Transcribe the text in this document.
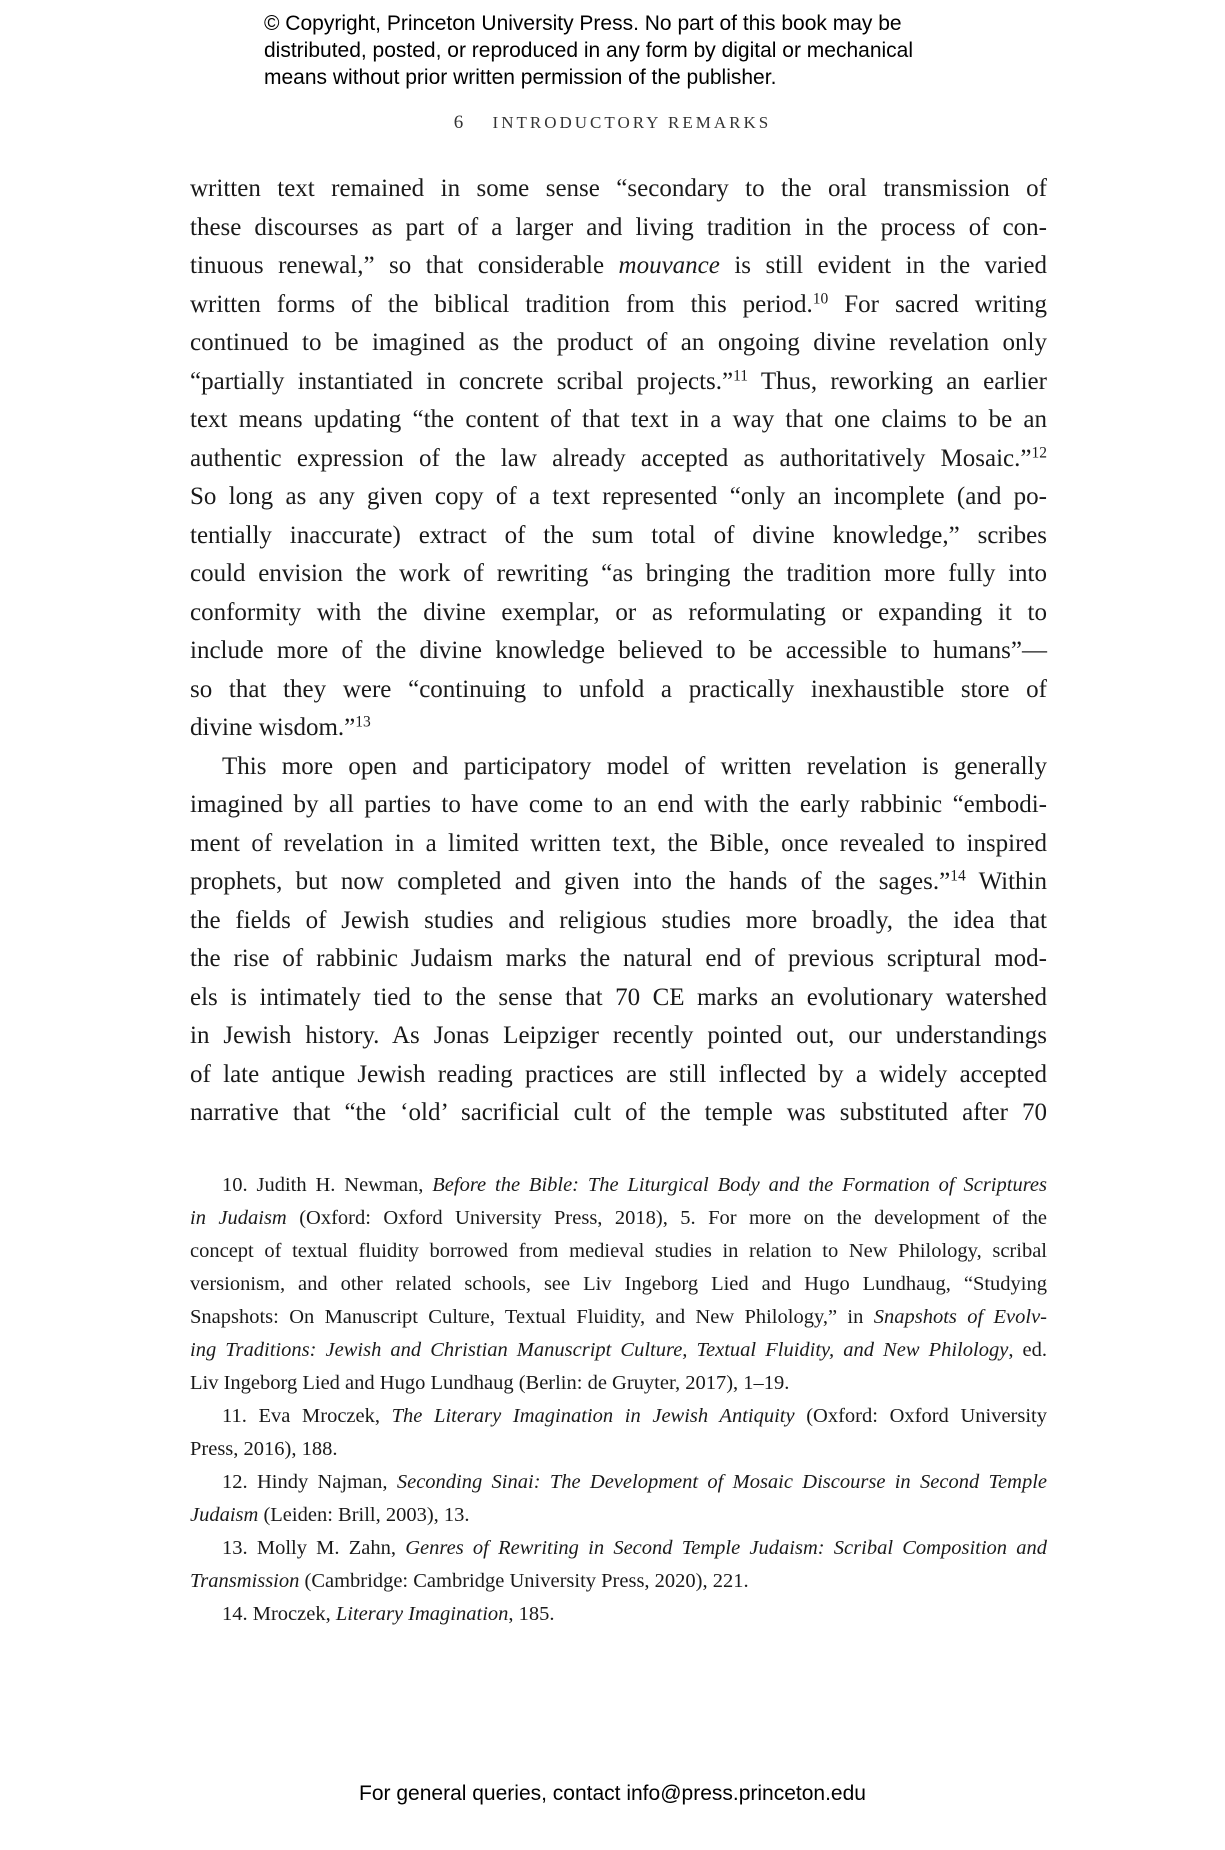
© Copyright, Princeton University Press. No part of this book may be
distributed, posted, or reproduced in any form by digital or mechanical
means without prior written permission of the publisher.
6 INTRODUCTORY REMARKS
written text remained in some sense “secondary to the oral transmission of
these discourses as part of a larger and living tradition in the process of con-
tinuous renewal,” so that considerable mouvance is still evident in the varied
written forms of the biblical tradition from this period.$^{10}$ For sacred writing
continued to be imagined as the product of an ongoing divine revelation only
“partially instantiated in concrete scribal projects.”$^{11}$ Thus, reworking an earlier
text means updating “the content of that text in a way that one claims to be an
authentic expression of the law already accepted as authoritatively Mosaic.”$^{12}$
So long as any given copy of a text represented “only an incomplete (and po-
tentially inaccurate) extract of the sum total of divine knowledge,” scribes
could envision the work of rewriting “as bringing the tradition more fully into
conformity with the divine exemplar, or as reformulating or expanding it to
include more of the divine knowledge believed to be accessible to humans”—
so that they were “continuing to unfold a practically inexhaustible store of
divine wisdom.”$^{13}$
This more open and participatory model of written revelation is generally
imagined by all parties to have come to an end with the early rabbinic “embodi-
ment of revelation in a limited written text, the Bible, once revealed to inspired
prophets, but now completed and given into the hands of the sages.”$^{14}$ Within
the fields of Jewish studies and religious studies more broadly, the idea that
the rise of rabbinic Judaism marks the natural end of previous scriptural mod-
els is intimately tied to the sense that 70 CE marks an evolutionary watershed
in Jewish history. As Jonas Leipziger recently pointed out, our understandings
of late antique Jewish reading practices are still inflected by a widely accepted
narrative that “the ‘old’ sacrificial cult of the temple was substituted after 70
10. Judith H. Newman, Before the Bible: The Liturgical Body and the Formation of Scriptures
in Judaism (Oxford: Oxford University Press, 2018), 5. For more on the development of the
concept of textual fluidity borrowed from medieval studies in relation to New Philology, scribal
versionism, and other related schools, see Liv Ingeborg Lied and Hugo Lundhaug, “Studying
Snapshots: On Manuscript Culture, Textual Fluidity, and New Philology,” in Snapshots of Evolv-
ing Traditions: Jewish and Christian Manuscript Culture, Textual Fluidity, and New Philology, ed.
Liv Ingeborg Lied and Hugo Lundhaug (Berlin: de Gruyter, 2017), 1–19.
11. Eva Mroczek, The Literary Imagination in Jewish Antiquity (Oxford: Oxford University
Press, 2016), 188.
12. Hindy Najman, Seconding Sinai: The Development of Mosaic Discourse in Second Temple
Judaism (Leiden: Brill, 2003), 13.
13. Molly M. Zahn, Genres of Rewriting in Second Temple Judaism: Scribal Composition and
Transmission (Cambridge: Cambridge University Press, 2020), 221.
14. Mroczek, Literary Imagination, 185.
For general queries, contact info@press.princeton.edu
